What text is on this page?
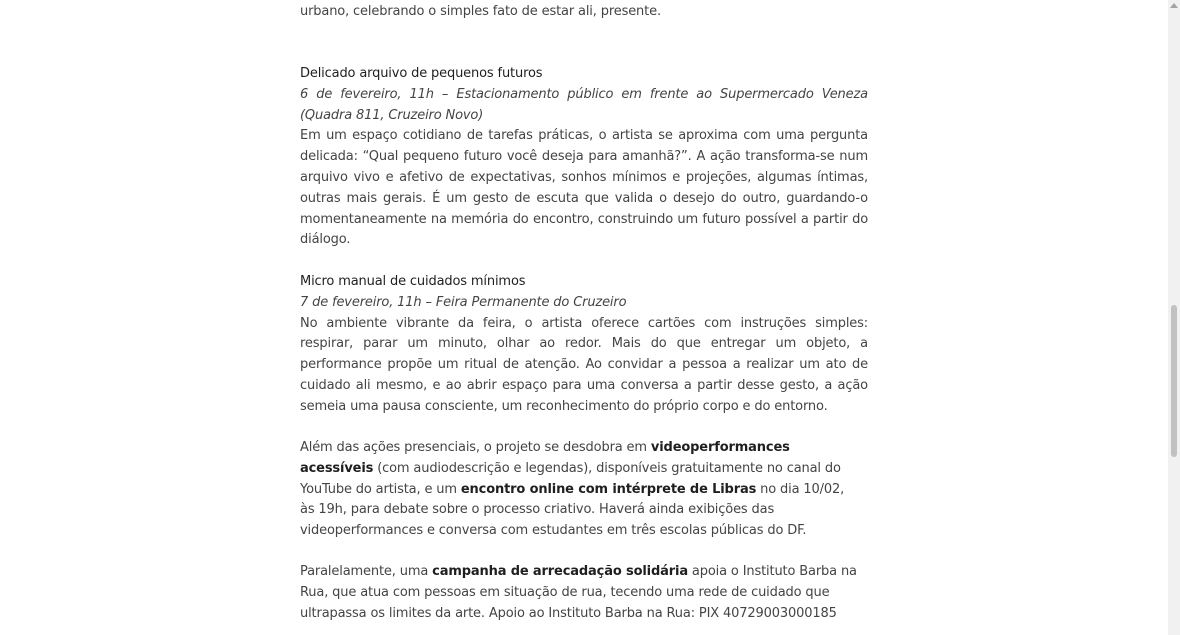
urbano, celebrando o simples fato de estar ali, presente.

Delicado arquivo de pequenos futuros
6 de fevereiro, 11h – Estacionamento público em frente ao Supermercado Veneza (Quadra 811, Cruzeiro Novo)
Em um espaço cotidiano de tarefas práticas, o artista se aproxima com uma pergunta delicada: “Qual pequeno futuro você deseja para amanhã?”. A ação transforma-se num arquivo vivo e afetivo de expectativas, sonhos mínimos e projeções, algumas íntimas, outras mais gerais. É um gesto de escuta que valida o desejo do outro, guardando-o momentaneamente na memória do encontro, construindo um futuro possível a partir do diálogo.
Micro manual de cuidados mínimos
7 de fevereiro, 11h – Feira Permanente do Cruzeiro
No ambiente vibrante da feira, o artista oferece cartões com instruções simples: respirar, parar um minuto, olhar ao redor. Mais do que entregar um objeto, a performance propõe um ritual de atenção. Ao convidar a pessoa a realizar um ato de cuidado ali mesmo, e ao abrir espaço para uma conversa a partir desse gesto, a ação semeia uma pausa consciente, um reconhecimento do próprio corpo e do entorno.

Além das ações presenciais, o projeto se desdobra em videoperformances acessíveis (com audiodescrição e legendas), disponíveis gratuitamente no canal do YouTube do artista, e um encontro online com intérprete de Libras no dia 10/02, às 19h, para debate sobre o processo criativo. Haverá ainda exibições das videoperformances e conversa com estudantes em três escolas públicas do DF.

Paralelamente, uma campanha de arrecadação solidária apoia o Instituto Barba na Rua, que atua com pessoas em situação de rua, tecendo uma rede de cuidado que ultrapassa os limites da arte. Apoio ao Instituto Barba na Rua: PIX 40729003000185
